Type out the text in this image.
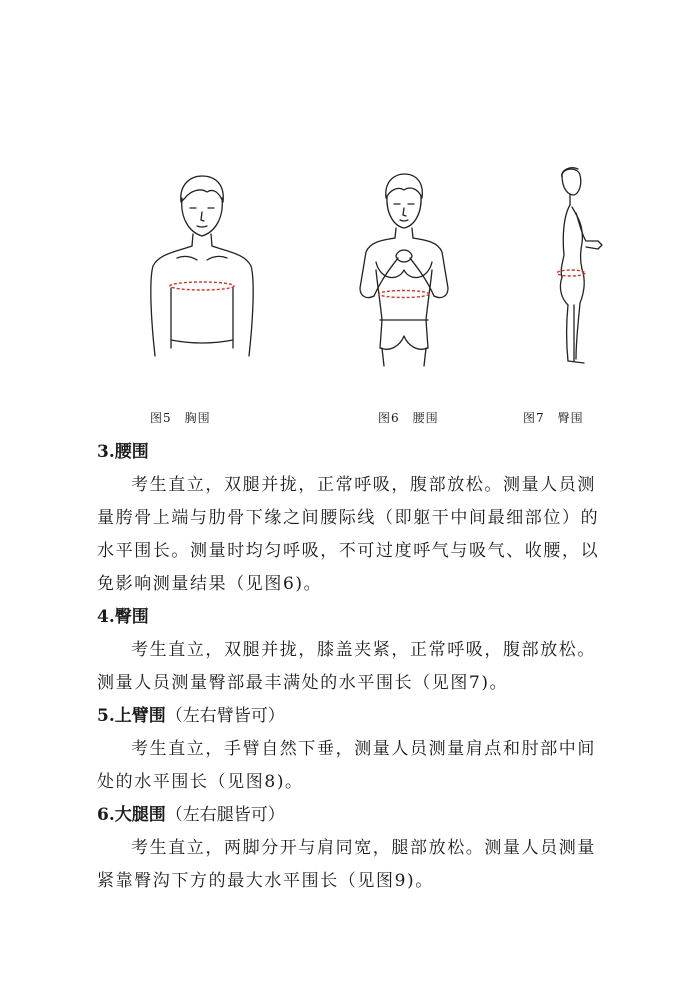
图5　胸围	图6　腰围	图7　臀围
3.腰围
考生直立，双腿并拢，正常呼吸，腹部放松。测量人员测
量胯骨上端与肋骨下缘之间腰际线（即躯干中间最细部位）的
水平围长。测量时均匀呼吸，不可过度呼气与吸气、收腰，以
免影响测量结果（见图6)。
4.臀围
考生直立，双腿并拢，膝盖夹紧，正常呼吸，腹部放松。
测量人员测量臀部最丰满处的水平围长（见图7)。
5.上臂围（左右臂皆可）
考生直立，手臂自然下垂，测量人员测量肩点和肘部中间
处的水平围长（见图8)。
6.大腿围（左右腿皆可）
考生直立，两脚分开与肩同宽，腿部放松。测量人员测量
紧靠臀沟下方的最大水平围长（见图9)。
